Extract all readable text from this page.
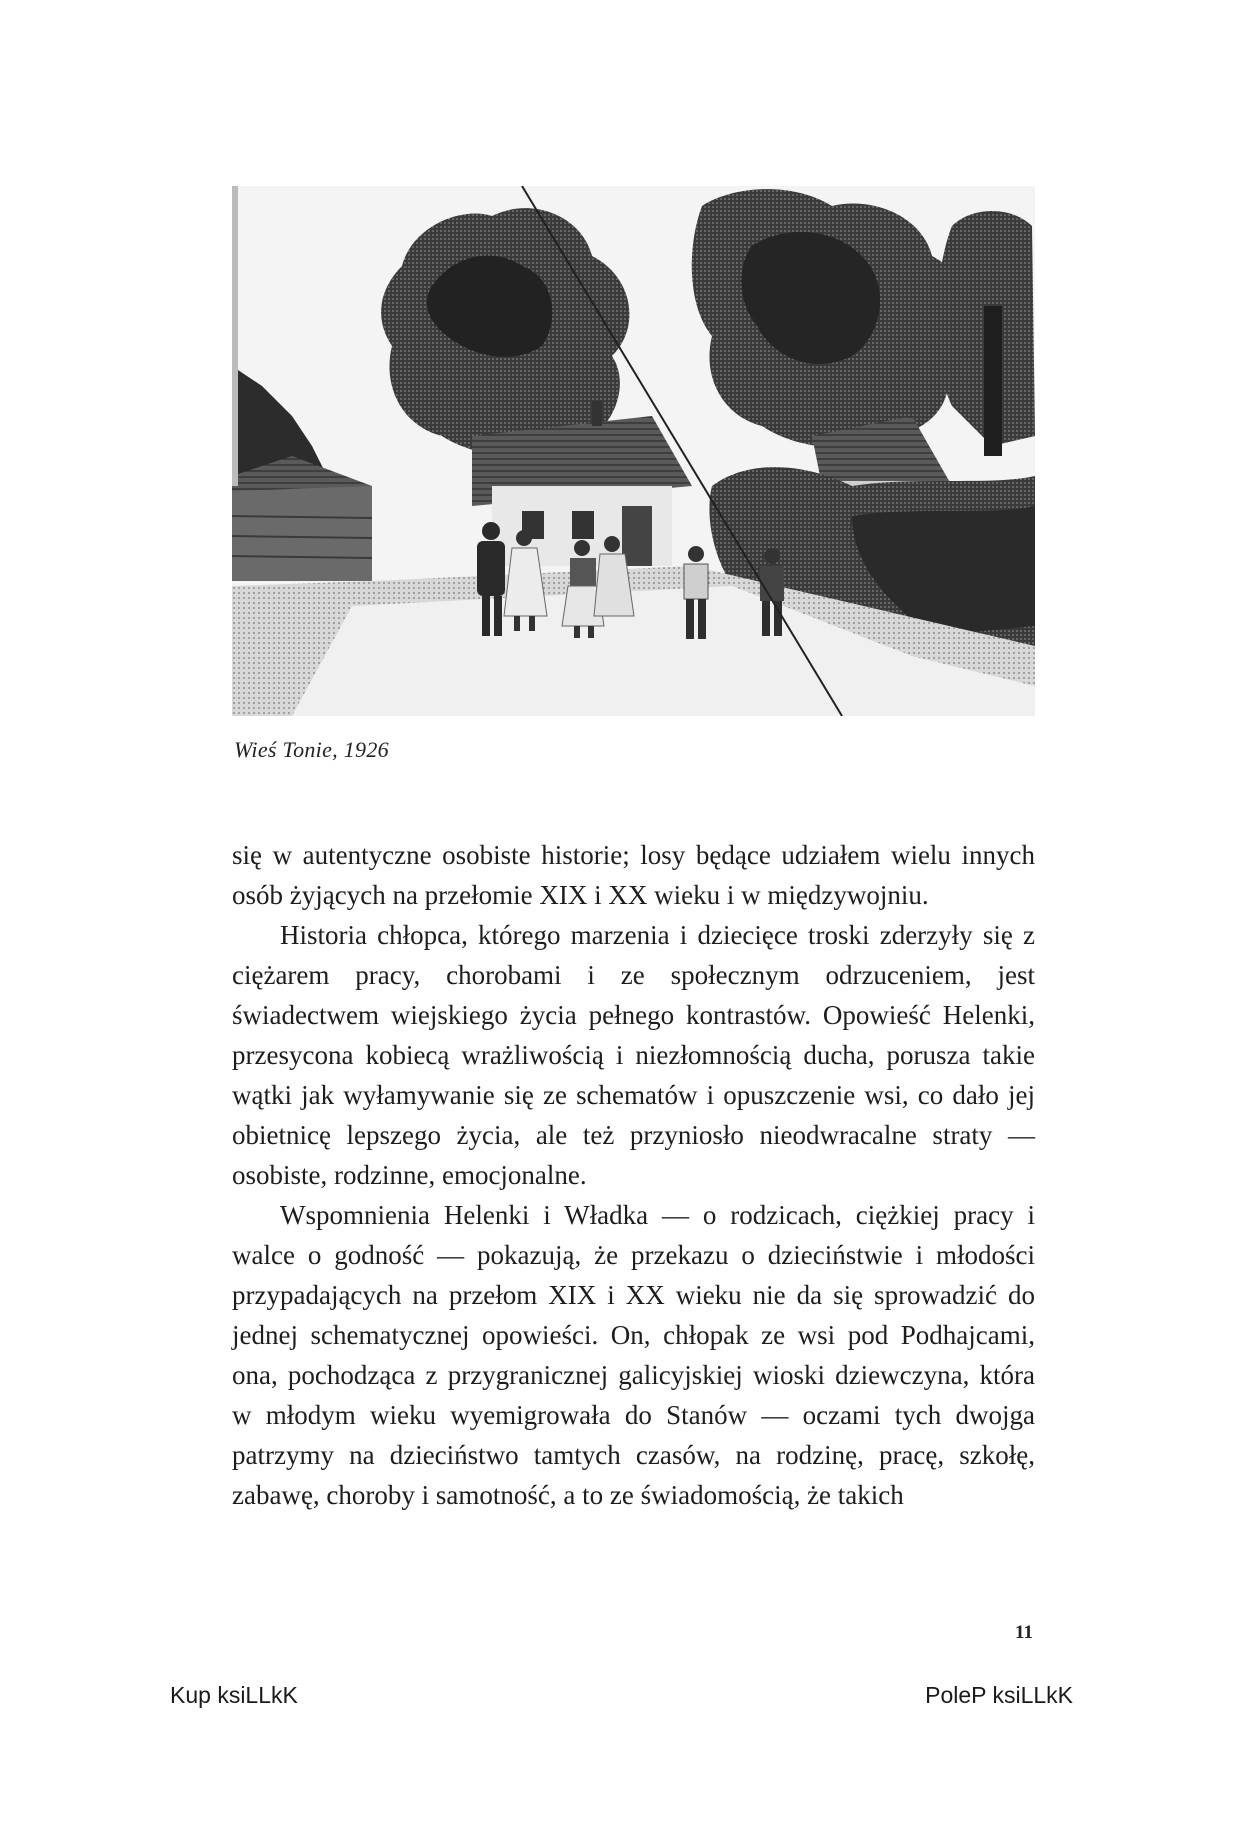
Wieś Tonie, 1926

się w autentyczne osobiste historie; losy będące udziałem wielu innych osób żyjących na przełomie XIX i XX wieku i w międzywojniu.

Historia chłopca, którego marzenia i dziecięce troski zderzyły się z ciężarem pracy, chorobami i ze społecznym odrzuceniem, jest świadectwem wiejskiego życia pełnego kontrastów. Opowieść Helenki, przesycona kobiecą wrażliwością i niezłomnością ducha, porusza takie wątki jak wyłamywanie się ze schematów i opuszczenie wsi, co dało jej obietnicę lepszego życia, ale też przyniosło nieodwracalne straty — osobiste, rodzinne, emocjonalne.

Wspomnienia Helenki i Władka — o rodzicach, ciężkiej pracy i walce o godność — pokazują, że przekazu o dzieciństwie i młodości przypadających na przełom XIX i XX wieku nie da się sprowadzić do jednej schematycznej opowieści. On, chłopak ze wsi pod Podhajcami, ona, pochodząca z przygranicznej galicyjskiej wioski dziewczyna, która w młodym wieku wyemigrowała do Stanów — oczami tych dwojga patrzymy na dzieciństwo tamtych czasów, na rodzinę, pracę, szkołę, zabawę, choroby i samotność, a to ze świadomością, że takich

11
Kup ksiLLkK	PoleP ksiLLkK
